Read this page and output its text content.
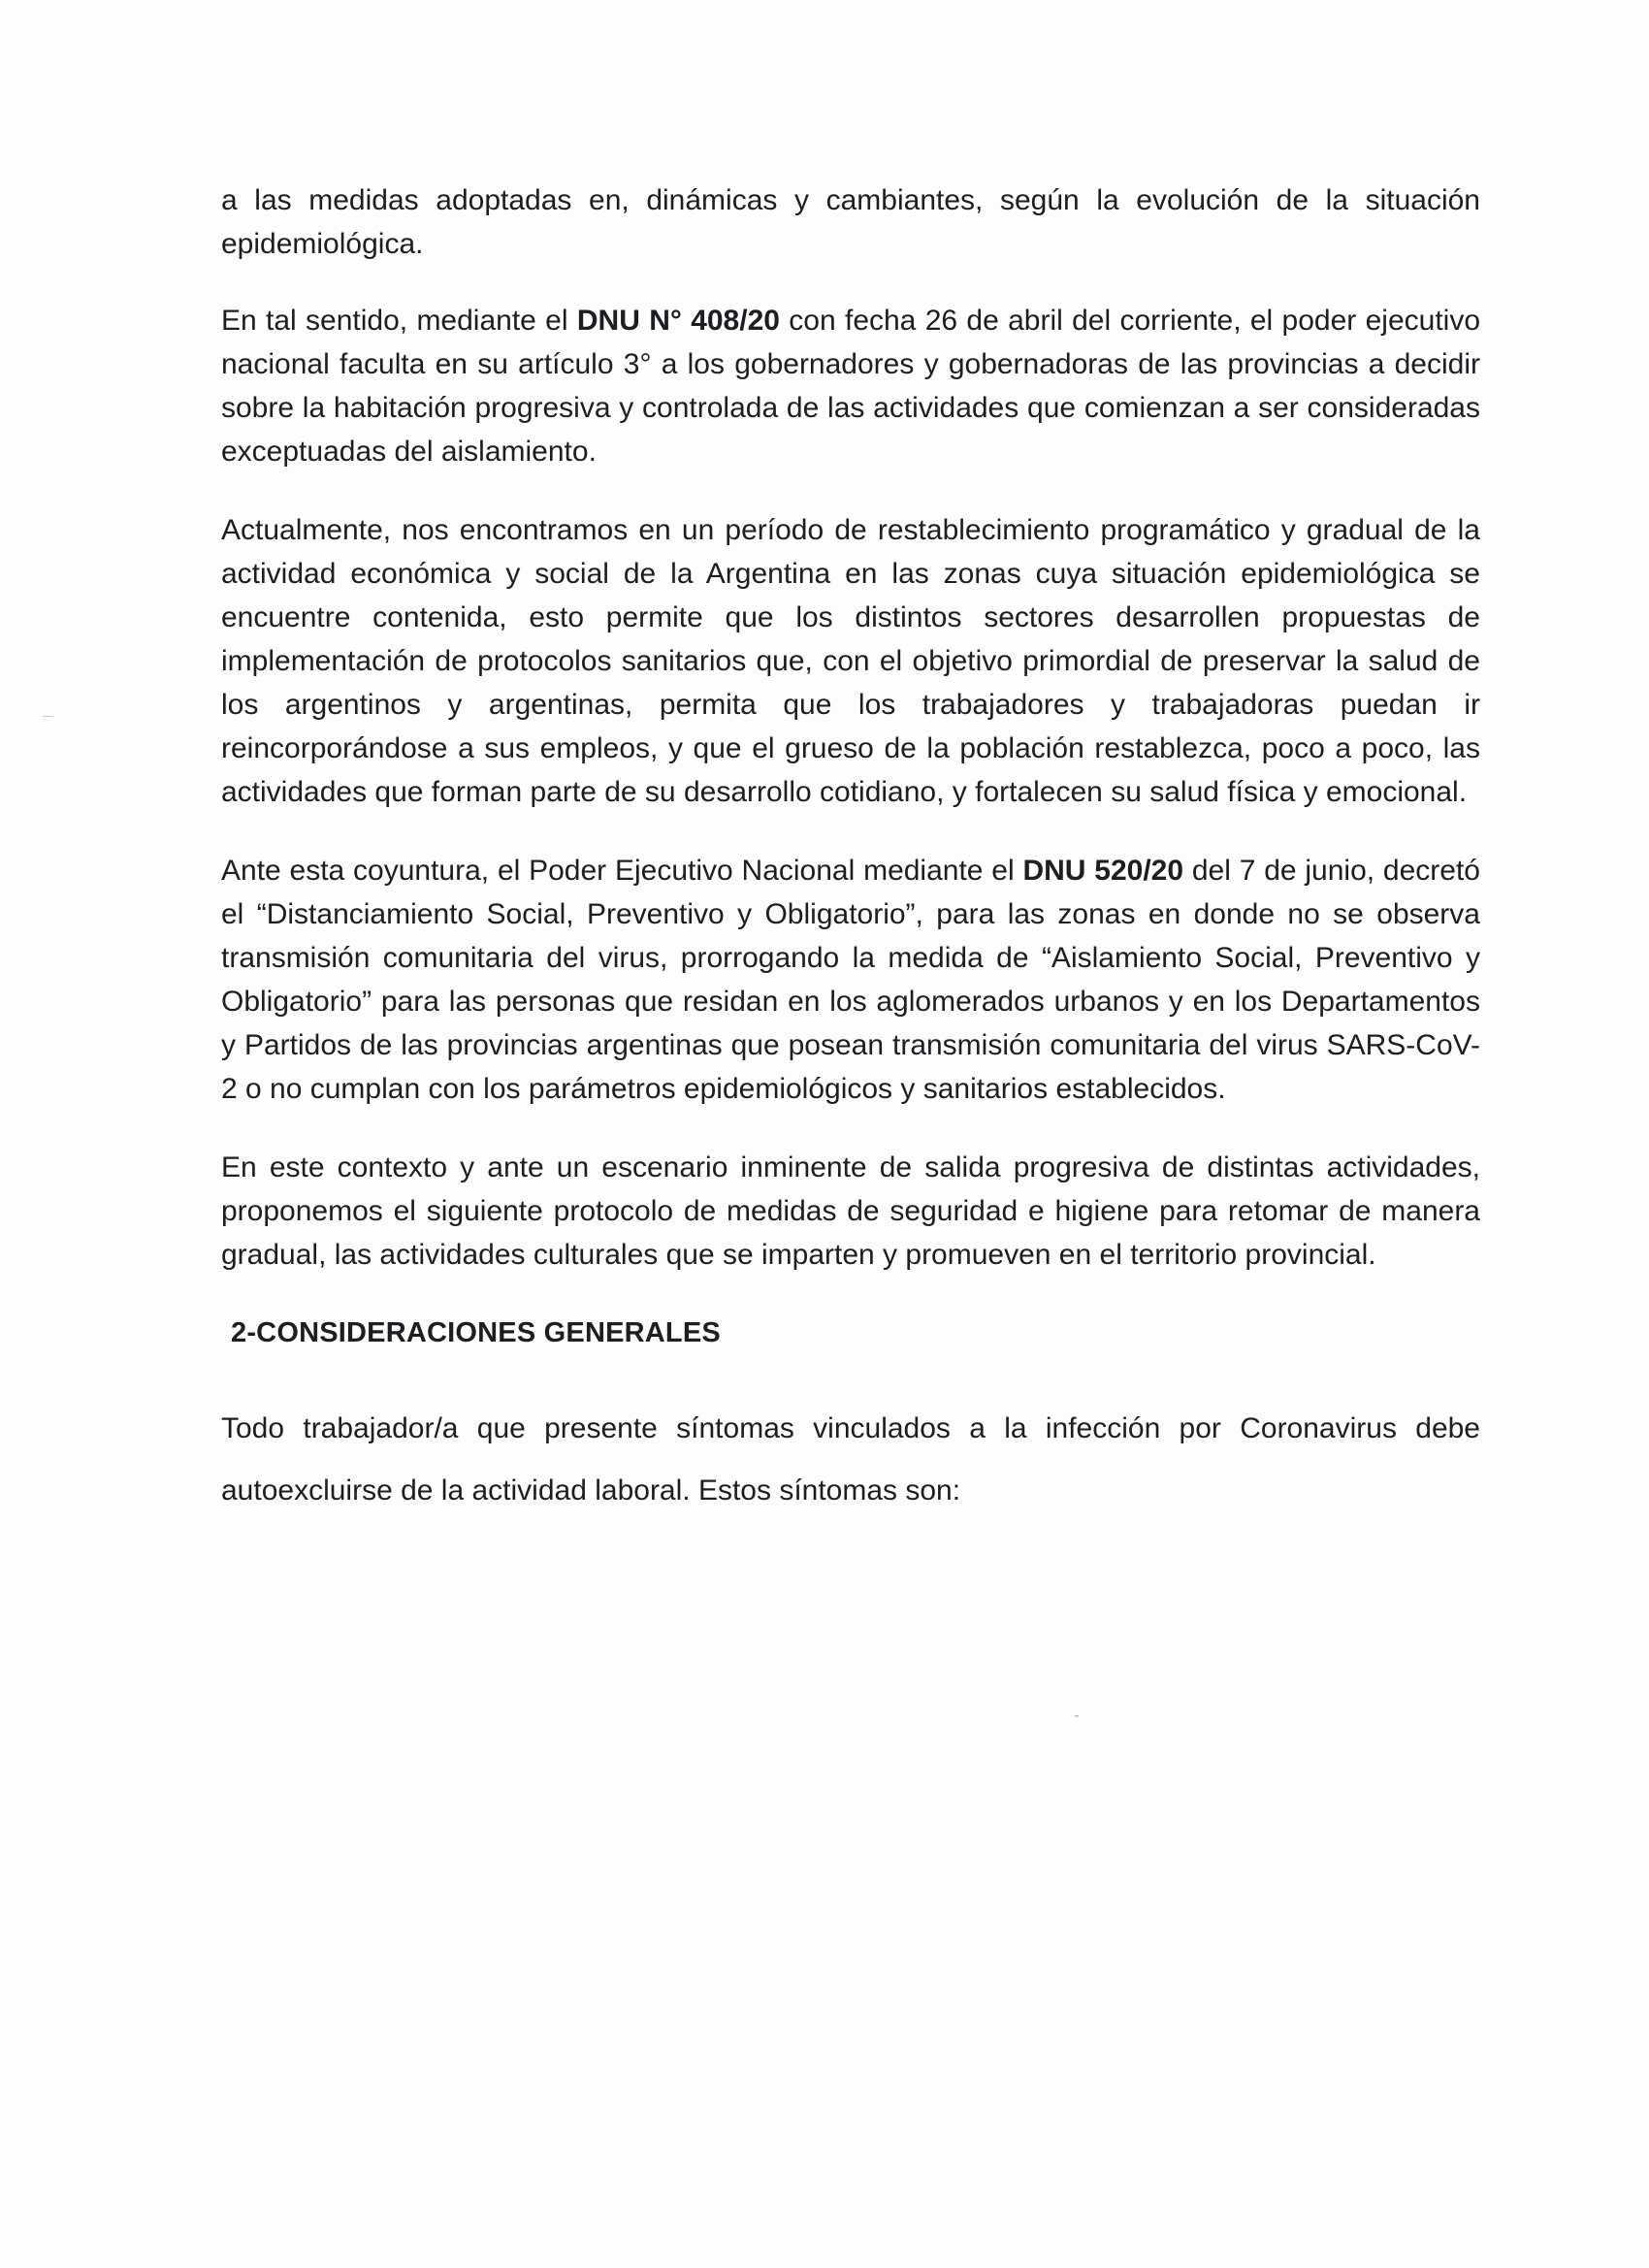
a las medidas adoptadas en, dinámicas y cambiantes, según la evolución de la situación epidemiológica.

En tal sentido, mediante el DNU N° 408/20 con fecha 26 de abril del corriente, el poder ejecutivo nacional faculta en su artículo 3° a los gobernadores y gobernadoras de las provincias a decidir sobre la habitación progresiva y controlada de las actividades que comienzan a ser consideradas exceptuadas del aislamiento.

Actualmente, nos encontramos en un período de restablecimiento programático y gradual de la actividad económica y social de la Argentina en las zonas cuya situación epidemiológica se encuentre contenida, esto permite que los distintos sectores desarrollen propuestas de implementación de protocolos sanitarios que, con el objetivo primordial de preservar la salud de los argentinos y argentinas, permita que los trabajadores y trabajadoras puedan ir reincorporándose a sus empleos, y que el grueso de la población restablezca, poco a poco, las actividades que forman parte de su desarrollo cotidiano, y fortalecen su salud física y emocional.

Ante esta coyuntura, el Poder Ejecutivo Nacional mediante el DNU 520/20 del 7 de junio, decretó el “Distanciamiento Social, Preventivo y Obligatorio”, para las zonas en donde no se observa transmisión comunitaria del virus, prorrogando la medida de “Aislamiento Social, Preventivo y Obligatorio” para las personas que residan en los aglomerados urbanos y en los Departamentos y Partidos de las provincias argentinas que posean transmisión comunitaria del virus SARS-CoV-2 o no cumplan con los parámetros epidemiológicos y sanitarios establecidos.

En este contexto y ante un escenario inminente de salida progresiva de distintas actividades, proponemos el siguiente protocolo de medidas de seguridad e higiene para retomar de manera gradual, las actividades culturales que se imparten y promueven en el territorio provincial.

2-CONSIDERACIONES GENERALES

Todo trabajador/a que presente síntomas vinculados a la infección por Coronavirus debe autoexcluirse de la actividad laboral. Estos síntomas son:
